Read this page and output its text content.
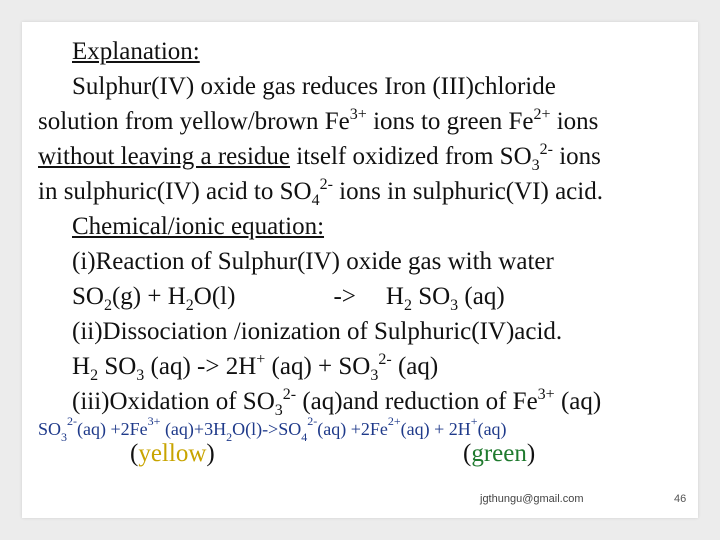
Explanation:
Sulphur(IV) oxide gas reduces Iron (III)chloride
solution from yellow/brown $Fe^{3+}$ ions to green $Fe^{2+}$ ions
without leaving a residue itself oxidized from $SO_3^{2-}$ ions
in sulphuric(IV) acid to $SO_4^{2-}$ ions in sulphuric(VI) acid.
Chemical/ionic equation:
(i)Reaction of Sulphur(IV) oxide gas with water
$SO_2(g) + H_2O(l)$	-> $H_2$ $SO_3$ (aq)
(ii)Dissociation /ionization of Sulphuric(IV)acid.
$H_2$ $SO_3$ (aq) -> 2H+ $(aq) + SO_3^{2-}$ (aq)
(iii)Oxidation of $SO_3^{2-}$ (aq)and reduction of $Fe^{3+}$ (aq)
$SO_3^{2-}(aq) +2Fe^{3+}$ $(aq)+3H_2O(l)->SO_4^{2-}(aq) +2Fe^{2+}(aq) + 2H^+(aq)$
(yellow)	(green)
jgthungu@gmail.com	46
